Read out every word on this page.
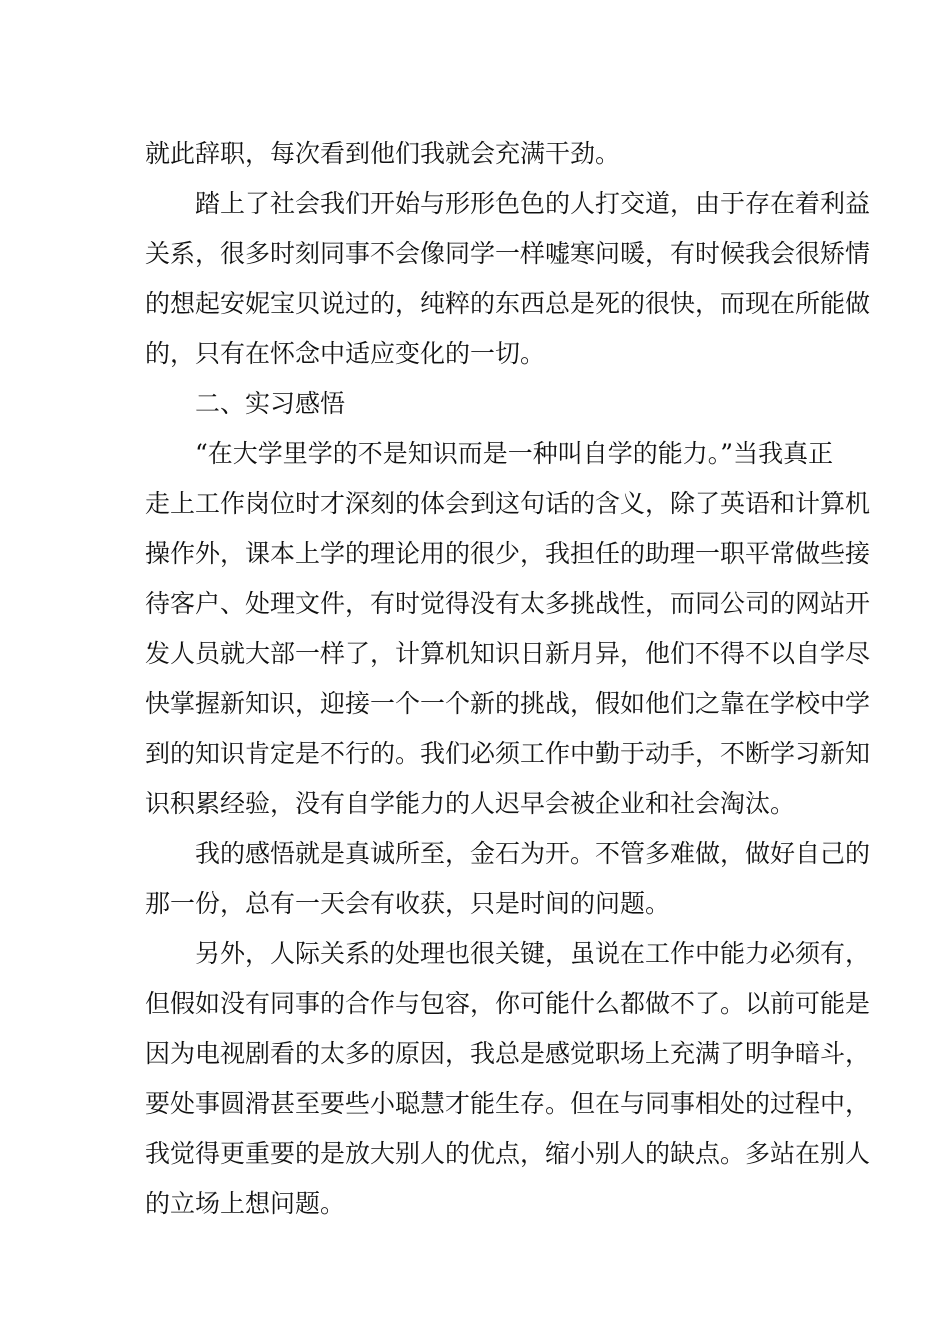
就此辞职，每次看到他们我就会充满干劲。
踏上了社会我们开始与形形色色的人打交道，由于存在着利益
关系，很多时刻同事不会像同学一样嘘寒问暖，有时候我会很矫情
的想起安妮宝贝说过的，纯粹的东西总是死的很快，而现在所能做
的，只有在怀念中适应变化的一切。
二、实习感悟
“在大学里学的不是知识而是一种叫自学的能力。”当我真正
走上工作岗位时才深刻的体会到这句话的含义，除了英语和计算机
操作外，课本上学的理论用的很少，我担任的助理一职平常做些接
待客户、处理文件，有时觉得没有太多挑战性，而同公司的网站开
发人员就大部一样了，计算机知识日新月异，他们不得不以自学尽
快掌握新知识，迎接一个一个新的挑战，假如他们之靠在学校中学
到的知识肯定是不行的。我们必须工作中勤于动手，不断学习新知
识积累经验，没有自学能力的人迟早会被企业和社会淘汰。
我的感悟就是真诚所至，金石为开。不管多难做，做好自己的
那一份，总有一天会有收获，只是时间的问题。
另外，人际关系的处理也很关键，虽说在工作中能力必须有，
但假如没有同事的合作与包容，你可能什么都做不了。以前可能是
因为电视剧看的太多的原因，我总是感觉职场上充满了明争暗斗，
要处事圆滑甚至要些小聪慧才能生存。但在与同事相处的过程中，
我觉得更重要的是放大别人的优点，缩小别人的缺点。多站在别人
的立场上想问题。
